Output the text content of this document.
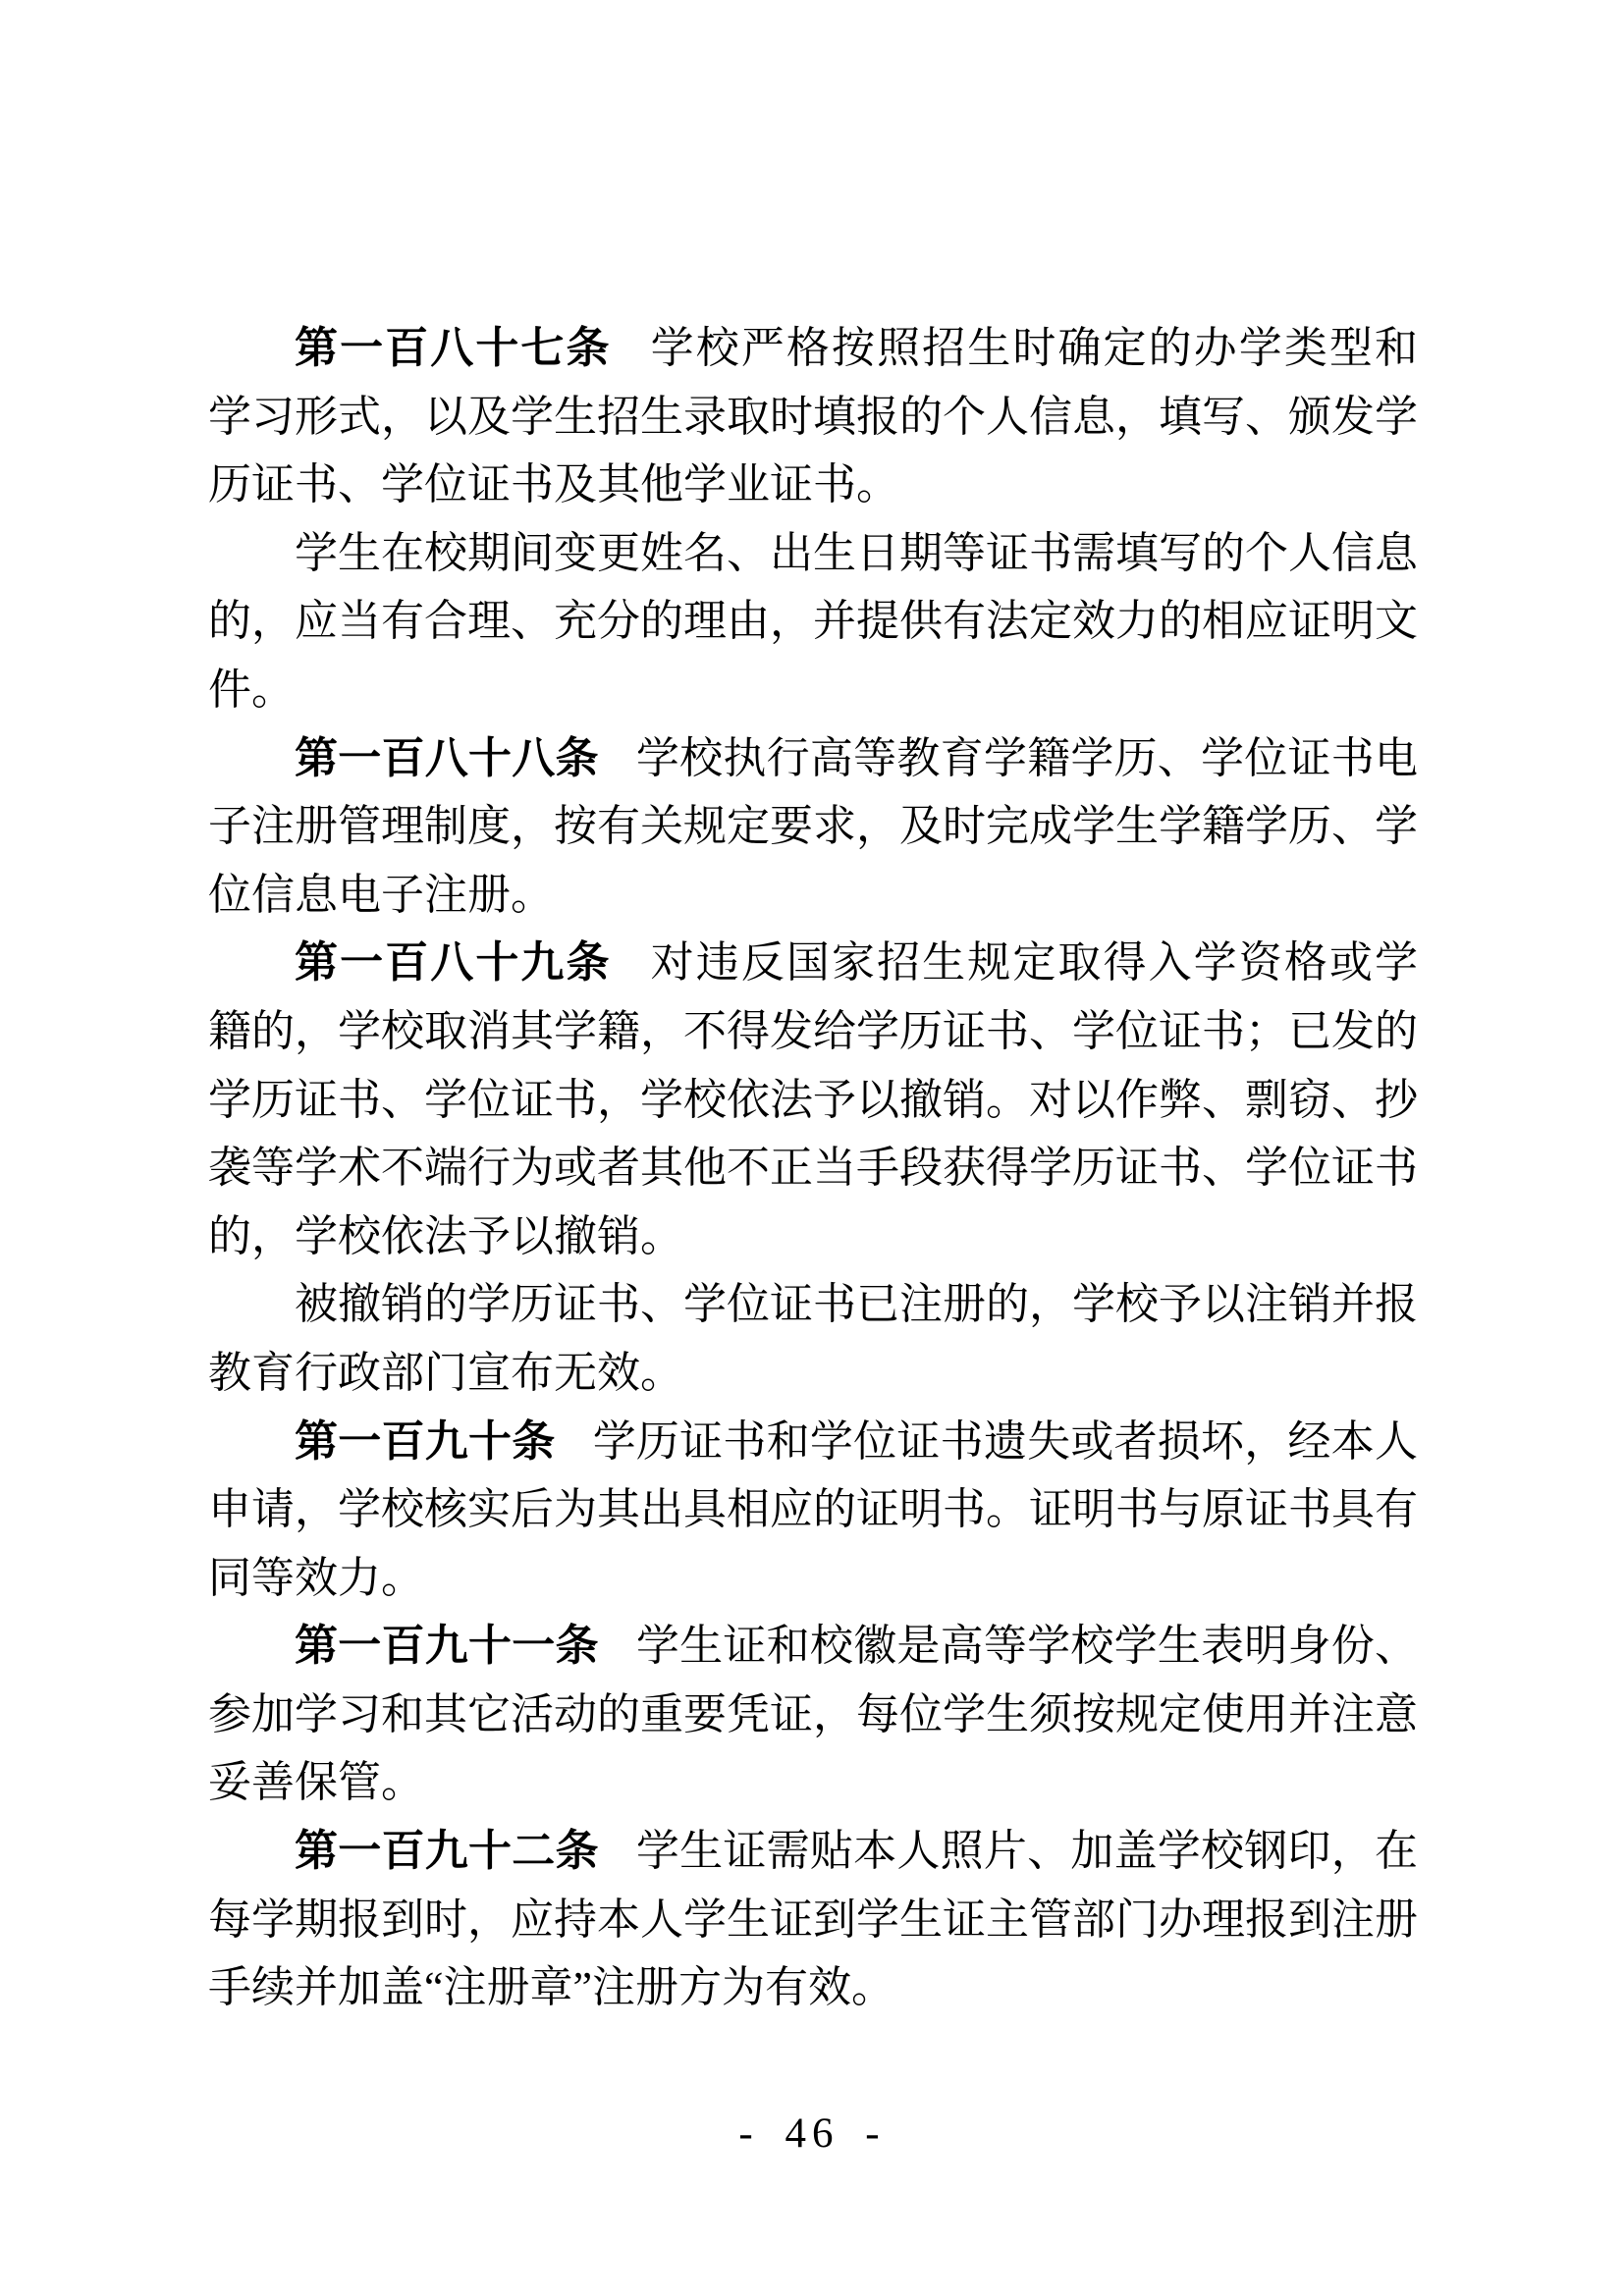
第一百八十七条 学校严格按照招生时确定的办学类型和
学习形式，以及学生招生录取时填报的个人信息，填写、颁发学
历证书、学位证书及其他学业证书。
学生在校期间变更姓名、出生日期等证书需填写的个人信息
的，应当有合理、充分的理由，并提供有法定效力的相应证明文
件。
第一百八十八条 学校执行高等教育学籍学历、学位证书电
子注册管理制度，按有关规定要求，及时完成学生学籍学历、学
位信息电子注册。
第一百八十九条 对违反国家招生规定取得入学资格或学
籍的，学校取消其学籍，不得发给学历证书、学位证书；已发的
学历证书、学位证书，学校依法予以撤销。对以作弊、剽窃、抄
袭等学术不端行为或者其他不正当手段获得学历证书、学位证书
的，学校依法予以撤销。
被撤销的学历证书、学位证书已注册的，学校予以注销并报
教育行政部门宣布无效。
第一百九十条 学历证书和学位证书遗失或者损坏，经本人
申请，学校核实后为其出具相应的证明书。证明书与原证书具有
同等效力。
第一百九十一条 学生证和校徽是高等学校学生表明身份、
参加学习和其它活动的重要凭证，每位学生须按规定使用并注意
妥善保管。
第一百九十二条 学生证需贴本人照片、加盖学校钢印，在
每学期报到时，应持本人学生证到学生证主管部门办理报到注册
手续并加盖“注册章”注册方为有效。
- 46 -
